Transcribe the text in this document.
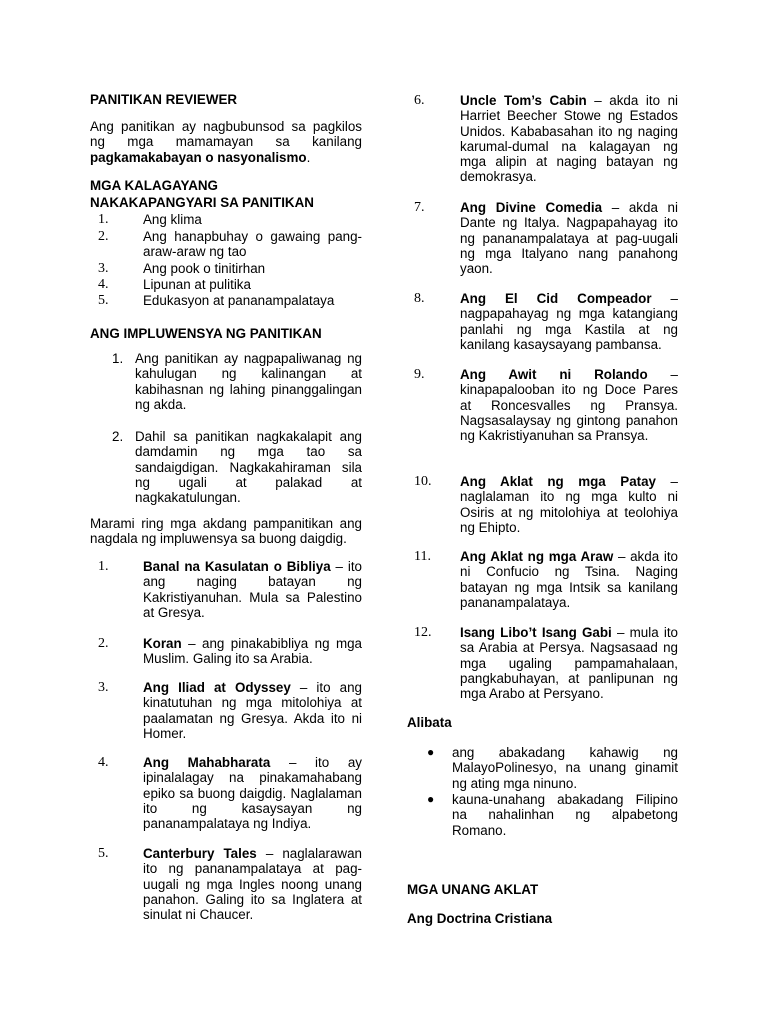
PANITIKAN REVIEWER
Ang panitikan ay nagbubunsod sa pagkilos ng mga mamamayan sa kanilang pagkamakabayan o nasyonalismo.
MGA KALAGAYANG
NAKAKAPANGYARI SA PANITIKAN
1.	Ang klima
2.	Ang hanapbuhay o gawaing pang-araw-araw ng tao
3.	Ang pook o tinitirhan
4.	Lipunan at pulitika
5.	Edukasyon at pananampalataya
ANG IMPLUWENSYA NG PANITIKAN
1. Ang panitikan ay nagpapaliwanag ng kahulugan ng kalinangan at kabihasnan ng lahing pinanggalingan ng akda.
2. Dahil sa panitikan nagkakalapit ang damdamin ng mga tao sa sandaigdigan. Nagkakahiraman sila ng ugali at palakad at nagkakatulungan.
Marami ring mga akdang pampanitikan ang nagdala ng impluwensya sa buong daigdig.
1.	Banal na Kasulatan o Bibliya – ito ang naging batayan ng Kakristiyanuhan. Mula sa Palestino at Gresya.
2.	Koran – ang pinakabibliya ng mga Muslim. Galing ito sa Arabia.
3.	Ang Iliad at Odyssey – ito ang kinatutuhan ng mga mitolohiya at paalamatan ng Gresya. Akda ito ni Homer.
4.	Ang Mahabharata – ito ay ipinalalagay na pinakamahabang epiko sa buong daigdig. Naglalaman ito ng kasaysayan ng pananampalataya ng Indiya.
5.	Canterbury Tales – naglalarawan ito ng pananampalataya at pag-uugali ng mga Ingles noong unang panahon. Galing ito sa Inglatera at sinulat ni Chaucer.
6.	Uncle Tom’s Cabin – akda ito ni Harriet Beecher Stowe ng Estados Unidos. Kababasahan ito ng naging karumal-dumal na kalagayan ng mga alipin at naging batayan ng demokrasya.
7.	Ang Divine Comedia – akda ni Dante ng Italya. Nagpapahayag ito ng pananampalataya at pag-uugali ng mga Italyano nang panahong yaon.
8.	Ang El Cid Compeador – nagpapahayag ng mga katangiang panlahi ng mga Kastila at ng kanilang kasaysayang pambansa.
9.	Ang Awit ni Rolando – kinapapalooban ito ng Doce Pares at Roncesvalles ng Pransya. Nagsasalaysay ng gintong panahon ng Kakristiyanuhan sa Pransya.
10. Ang Aklat ng mga Patay – naglalaman ito ng mga kulto ni Osiris at ng mitolohiya at teolohiya ng Ehipto.
11. Ang Aklat ng mga Araw – akda ito ni Confucio ng Tsina. Naging batayan ng mga Intsik sa kanilang pananampalataya.
12. Isang Libo’t Isang Gabi – mula ito sa Arabia at Persya. Nagsasaad ng mga ugaling pampamahalaan, pangkabuhayan, at panlipunan ng mga Arabo at Persyano.
Alibata
● ang abakadang kahawig ng MalayoPolinesyo, na unang ginamit ng ating mga ninuno.
● kauna-unahang abakadang Filipino na nahalinhan ng alpabetong Romano.
MGA UNANG AKLAT
Ang Doctrina Cristiana
